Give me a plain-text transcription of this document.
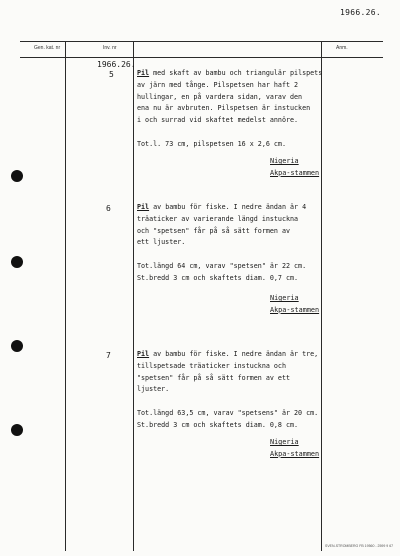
1966.26.
Gen. kat. nr	Inv. nr	Anm.
1966.26.
5	Pil med skaft av bambu och triangulär pilspets
av järn med tånge. Pilspetsen har haft 2
hullingar, en på vardera sidan, varav den
ena nu är avbruten. Pilspetsen är instucken
i och surrad vid skaftet medelst annöre.

Tot.l. 73 cm, pilspetsen 16 x 2,6 cm.
Nigeria
Akpa-stammen
6	Pil av bambu för fiske. I nedre ändan är 4
träaticker av varierande längd instuckna
och "spetsen" får på så sätt formen av
ett ljuster.

Tot.längd 64 cm, varav "spetsen" är 22 cm.
St.bredd 3 cm och skaftets diam. 0,7 cm.
Nigeria
Akpa-stammen
7	Pil av bambu för fiske. I nedre ändan är tre,
tillspetsade träaticker instuckna och
"spetsen" får på så sätt formen av ett
ljuster.

Tot.längd 63,5 cm, varav "spetsens" är 20 cm.
St.bredd 3 cm och skaftets diam. 0,8 cm.
Nigeria
Akpa-stammen
SVEN-STROMBERG FB 19560 - 2599 9 67
